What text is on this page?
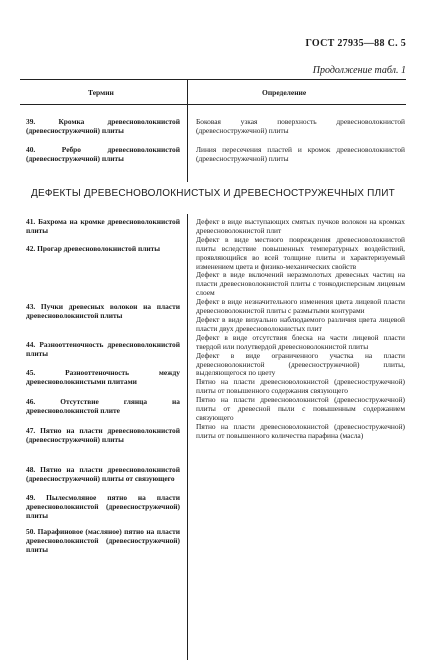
ГОСТ 27935—88 С. 5
Продолжение табл. 1
Термин	Определение
39. Кромка древесноволокнистой (древесностружечной) плиты
Боковая узкая поверхность древесноволокнистой (древесностружечной) плиты
40. Ребро древесноволокнистой (древесностружечной) плиты
Линия пересечения пластей и кромок древесноволокнистой (древесностружечной) плиты
ДЕФЕКТЫ ДРЕВЕСНОВОЛОКНИСТЫХ И ДРЕВЕСНОСТРУЖЕЧНЫХ ПЛИТ
41. Бахрома на кромке древесноволокнистой плиты
42. Прогар древесноволокнистой плиты
43. Пучки древесных волокон на пласти древесноволокнистой плиты
44. Разнооттеночность древесноволокнистой плиты
45. Разнооттеночность между древесноволокнистыми плитами
46. Отсутствие глянца на древесноволокнистой плите
47. Пятно на пласти древесноволокнистой (древесностружечной) плиты
48. Пятно на пласти древесноволокнистой (древесностружечной) плиты от связующего
49. Пылесмоляное пятно на пласти древесноволокнистой (древесностружечной) плиты
50. Парафиновое (масляное) пятно на пласти древесноволокнистой (древесностружечной) плиты
Дефект в виде выступающих смятых пучков волокон на кромках древесноволокнистой плит
Дефект в виде местного повреждения древесноволокнистой плиты вследствие повышенных температурных воздействий, проявляющийся во всей толщине плиты и характеризуемый изменением цвета и физико-механических свойств
Дефект в виде включений неразмолотых древесных частиц на пласти древесноволокнистой плиты с тонкодисперсным лицевым слоем
Дефект в виде незначительного изменения цвета лицевой пласти древесноволокнистой плиты с размытыми контурами
Дефект в виде визуально наблюдаемого различия цвета лицевой пласти двух древесноволокнистых плит
Дефект в виде отсутствия блеска на части лицевой пласти твердой или полутвердой древесноволокнистой плиты
Дефект в виде ограниченного участка на пласти древесноволокнистой (древесностружечной) плиты, выделяющегося по цвету
Пятно на пласти древесноволокнистой (древесностружечной) плиты от повышенного содержания связующего
Пятно на пласти древесноволокнистой (древесностружечной) плиты от древесной пыли с повышенным содержанием связующего
Пятно на пласти древесноволокнистой (древесностружечной) плиты от повышенного количества парафина (масла)
